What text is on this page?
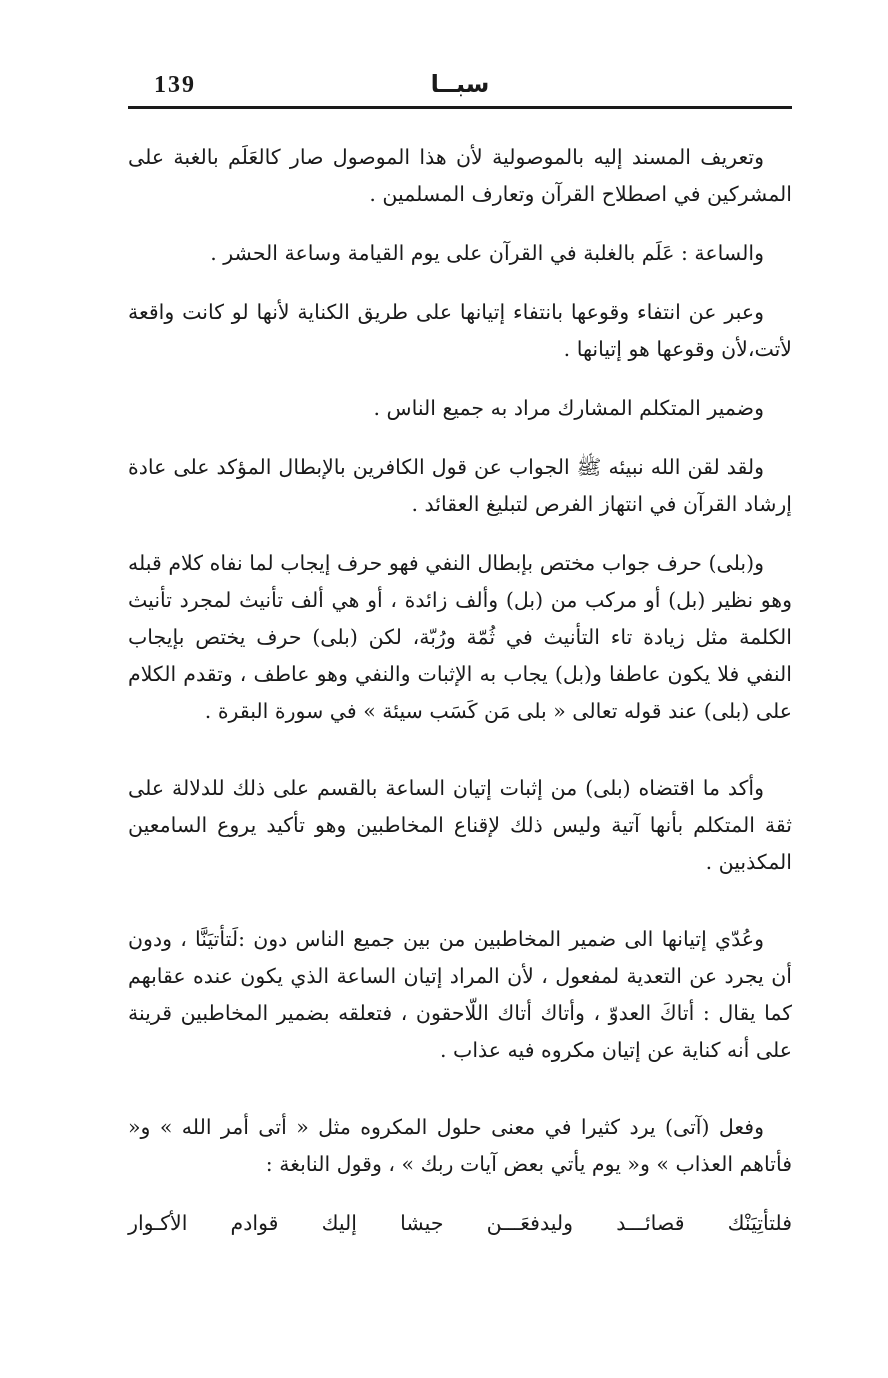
139	سبــا

وتعريف المسند إليه بالموصولية لأن هذا الموصول صار كالعَلَم بالغبة على المشركين في اصطلاح القرآن وتعارف المسلمين .

والساعة : عَلَم بالغلبة في القرآن على يوم القيامة وساعة الحشر .

وعبر عن انتفاء وقوعها بانتفاء إتيانها على طريق الكناية لأنها لو كانت واقعة لأتت،لأن وقوعها هو إتيانها .

وضمير المتكلم المشارك مراد به جميع الناس .

ولقد لقن الله نبيئه ﷺ الجواب عن قول الكافرين بالإبطال المؤكد على عادة إرشاد القرآن في انتهاز الفرص لتبليغ العقائد .

و(بلى) حرف جواب مختص بإبطال النفي فهو حرف إيجاب لما نفاه كلام قبله وهو نظير (بل) أو مركب من (بل) وألف زائدة ، أو هي ألف تأنيث لمجرد تأنيث الكلمة مثل زيادة تاء التأنيث في ثُمّة ورُبّة، لكن (بلى) حرف يختص بإيجاب النفي فلا يكون عاطفا و(بل) يجاب به الإثبات والنفي وهو عاطف ، وتقدم الكلام على (بلى) عند قوله تعالى « بلى مَن كَسَب سيئة » في سورة البقرة .

وأكد ما اقتضاه (بلى) من إثبات إتيان الساعة بالقسم على ذلك للدلالة على ثقة المتكلم بأنها آتية وليس ذلك لإقناع المخاطبين وهو تأكيد يروع السامعين المكذبين .

وعُدّي إتيانها الى ضمير المخاطبين من بين جميع الناس دون :لَتأتيَنَّا ، ودون أن يجرد عن التعدية لمفعول ، لأن المراد إتيان الساعة الذي يكون عنده عقابهم كما يقال : أتاكَ العدوّ ، وأتاك أتاك اللّاحقون ، فتعلقه بضمير المخاطبين قرينة على أنه كناية عن إتيان مكروه فيه عذاب .

وفعل (آتى) يرد كثيرا في معنى حلول المكروه مثل « أتى أمر الله » و« فأتاهم العذاب » و« يوم يأتي بعض آيات ربك » ، وقول النابغة :

فلتأتِيَنْك
قصائـــد
وليدفعَـــن
جيشا
إليك
قوادم
الأكـوار
